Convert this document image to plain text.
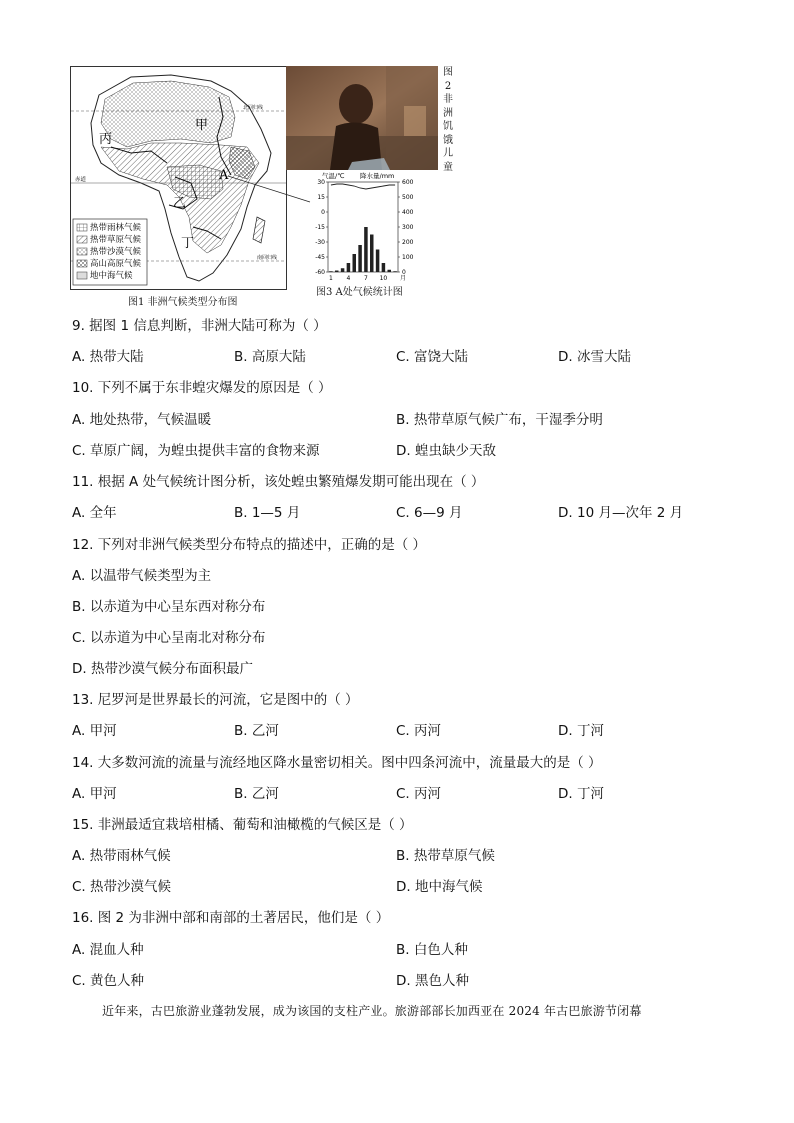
甲
丙
A
乙
丁
北回归线
赤道
南回归线
热带雨林气候
热带草原气候
热带沙漠气候
高山高原气候
地中海气候
图1 非洲气候类型分布图
图2非洲饥饿儿童
气温/℃ 降水量/mm
30
15
0
-15
-30
-45
-60
600
500
400
300
200
100
0
1 4 7 10 月
图3 A处气候统计图
9. 据图 1 信息判断，非洲大陆可称为（ ）
A. 热带大陆	B. 高原大陆	C. 富饶大陆	D. 冰雪大陆
10. 下列不属于东非蝗灾爆发的原因是（ ）
A. 地处热带，气候温暖	B. 热带草原气候广布，干湿季分明
C. 草原广阔，为蝗虫提供丰富的食物来源	D. 蝗虫缺少天敌
11. 根据 A 处气候统计图分析，该处蝗虫繁殖爆发期可能出现在（ ）
A. 全年	B. 1—5 月	C. 6—9 月	D. 10 月—次年 2 月
12. 下列对非洲气候类型分布特点的描述中，正确的是（ ）
A. 以温带气候类型为主
B. 以赤道为中心呈东西对称分布
C. 以赤道为中心呈南北对称分布
D. 热带沙漠气候分布面积最广
13. 尼罗河是世界最长的河流，它是图中的（ ）
A. 甲河	B. 乙河	C. 丙河	D. 丁河
14. 大多数河流的流量与流经地区降水量密切相关。图中四条河流中，流量最大的是（ ）
A. 甲河	B. 乙河	C. 丙河	D. 丁河
15. 非洲最适宜栽培柑橘、葡萄和油橄榄的气候区是（ ）
A. 热带雨林气候	B. 热带草原气候
C. 热带沙漠气候	D. 地中海气候
16. 图 2 为非洲中部和南部的土著居民，他们是（ ）
A. 混血人种	B. 白色人种
C. 黄色人种	D. 黑色人种
近年来，古巴旅游业蓬勃发展，成为该国的支柱产业。旅游部部长加西亚在 2024 年古巴旅游节闭幕
